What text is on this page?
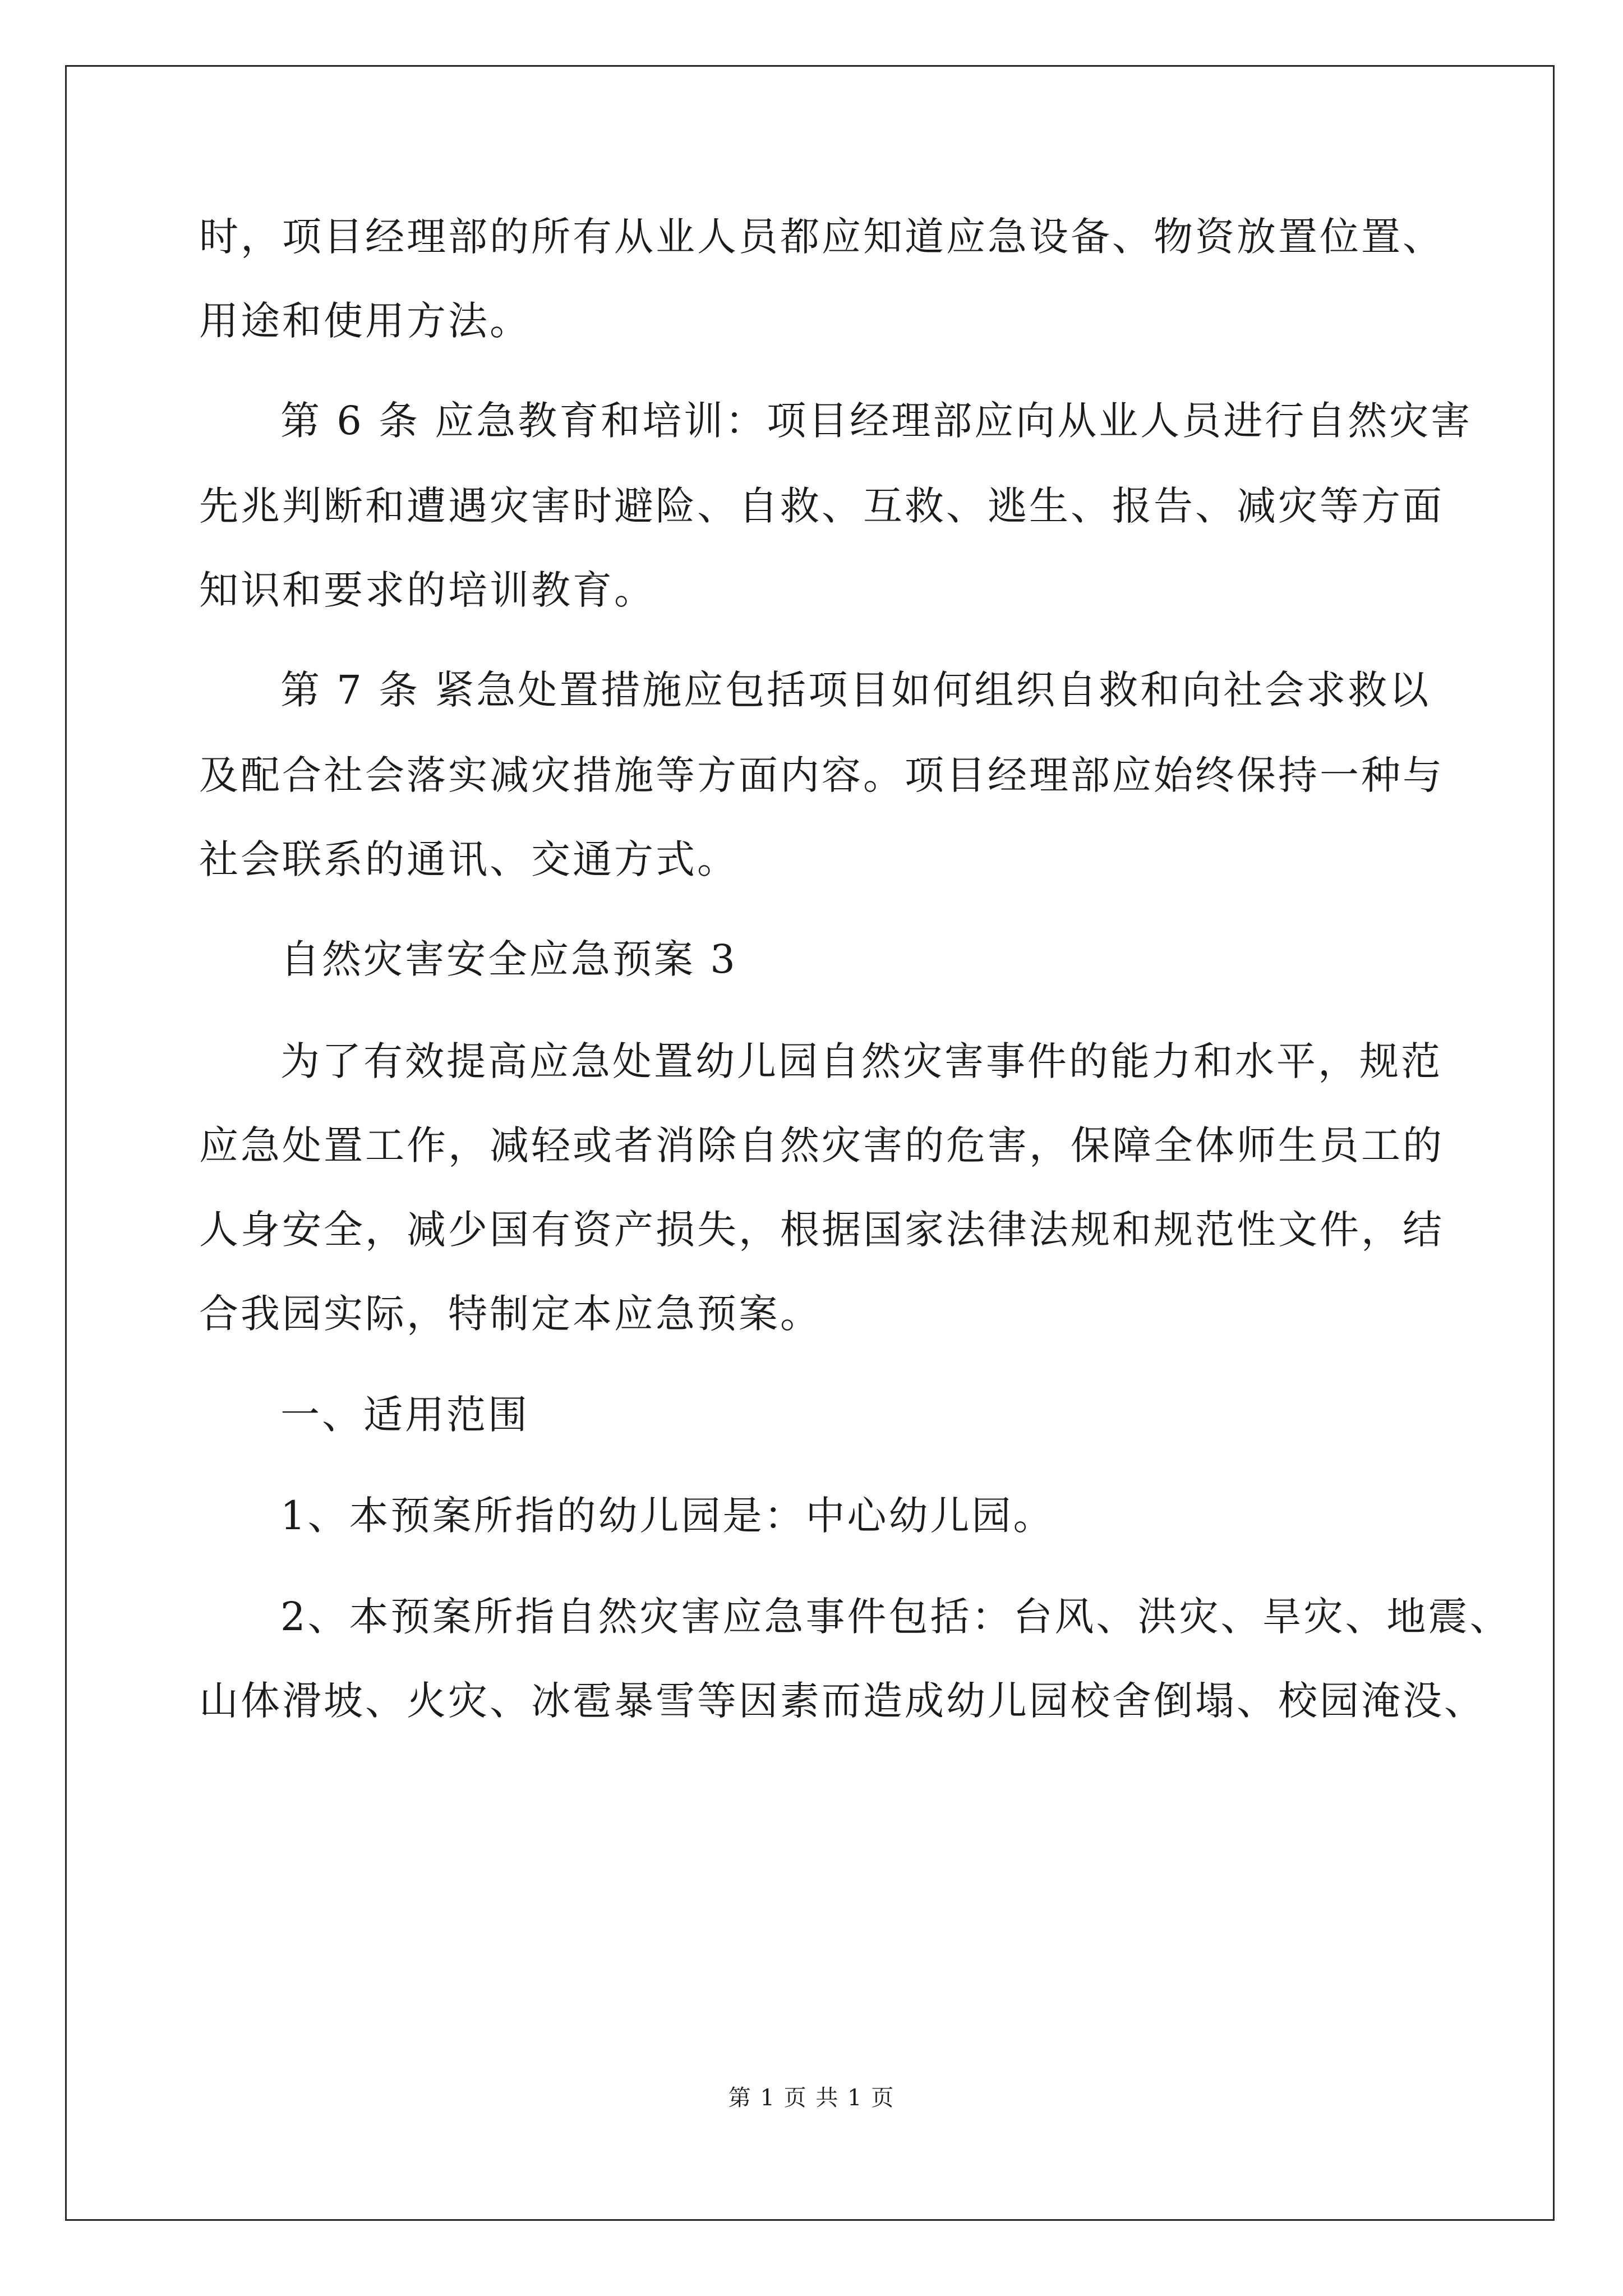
时，项目经理部的所有从业人员都应知道应急设备、物资放置位置、

用途和使用方法。

第 6 条 应急教育和培训：项目经理部应向从业人员进行自然灾害

先兆判断和遭遇灾害时避险、自救、互救、逃生、报告、减灾等方面

知识和要求的培训教育。

第 7 条 紧急处置措施应包括项目如何组织自救和向社会求救以

及配合社会落实减灾措施等方面内容。项目经理部应始终保持一种与

社会联系的通讯、交通方式。

自然灾害安全应急预案 3

为了有效提高应急处置幼儿园自然灾害事件的能力和水平，规范

应急处置工作，减轻或者消除自然灾害的危害，保障全体师生员工的

人身安全，减少国有资产损失，根据国家法律法规和规范性文件，结

合我园实际，特制定本应急预案。

一、适用范围

1、本预案所指的幼儿园是：中心幼儿园。

2、本预案所指自然灾害应急事件包括：台风、洪灾、旱灾、地震、

山体滑坡、火灾、冰雹暴雪等因素而造成幼儿园校舍倒塌、校园淹没、

第 1 页 共 1 页
